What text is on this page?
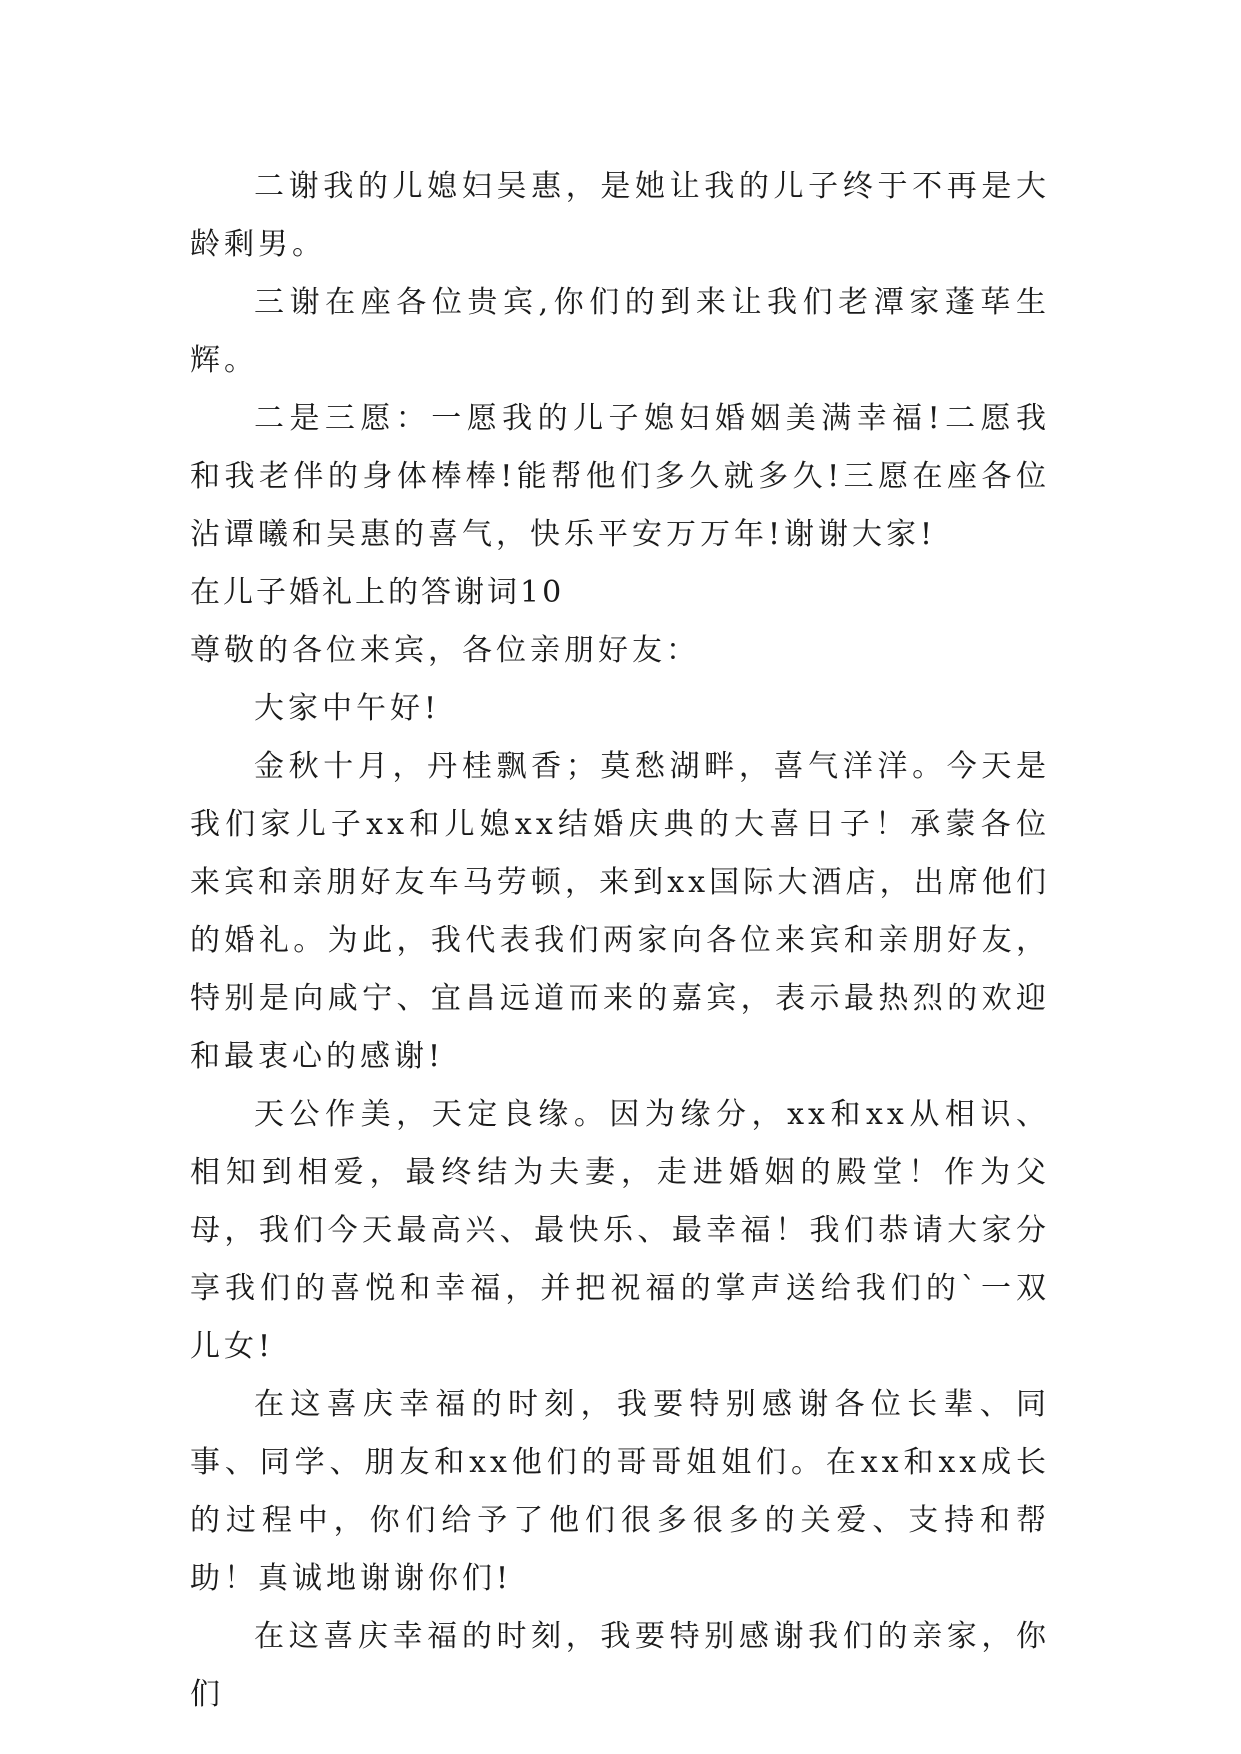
二谢我的儿媳妇吴惠，是她让我的儿子终于不再是大龄剩男。

三谢在座各位贵宾,你们的到来让我们老潭家蓬荜生辉。

二是三愿：一愿我的儿子媳妇婚姻美满幸福!二愿我和我老伴的身体棒棒!能帮他们多久就多久!三愿在座各位沾谭曦和吴惠的喜气，快乐平安万万年!谢谢大家!

在儿子婚礼上的答谢词10

尊敬的各位来宾，各位亲朋好友：

大家中午好!

金秋十月，丹桂飘香；莫愁湖畔，喜气洋洋。今天是我们家儿子xx和儿媳xx结婚庆典的大喜日子！承蒙各位来宾和亲朋好友车马劳顿，来到xx国际大酒店，出席他们的婚礼。为此，我代表我们两家向各位来宾和亲朋好友，特别是向咸宁、宜昌远道而来的嘉宾，表示最热烈的欢迎和最衷心的感谢!

天公作美，天定良缘。因为缘分，xx和xx从相识、相知到相爱，最终结为夫妻，走进婚姻的殿堂！作为父母，我们今天最高兴、最快乐、最幸福！我们恭请大家分享我们的喜悦和幸福，并把祝福的掌声送给我们的`一双儿女!

在这喜庆幸福的时刻，我要特别感谢各位长辈、同事、同学、朋友和xx他们的哥哥姐姐们。在xx和xx成长的过程中，你们给予了他们很多很多的关爱、支持和帮助！真诚地谢谢你们!

在这喜庆幸福的时刻，我要特别感谢我们的亲家，你们
